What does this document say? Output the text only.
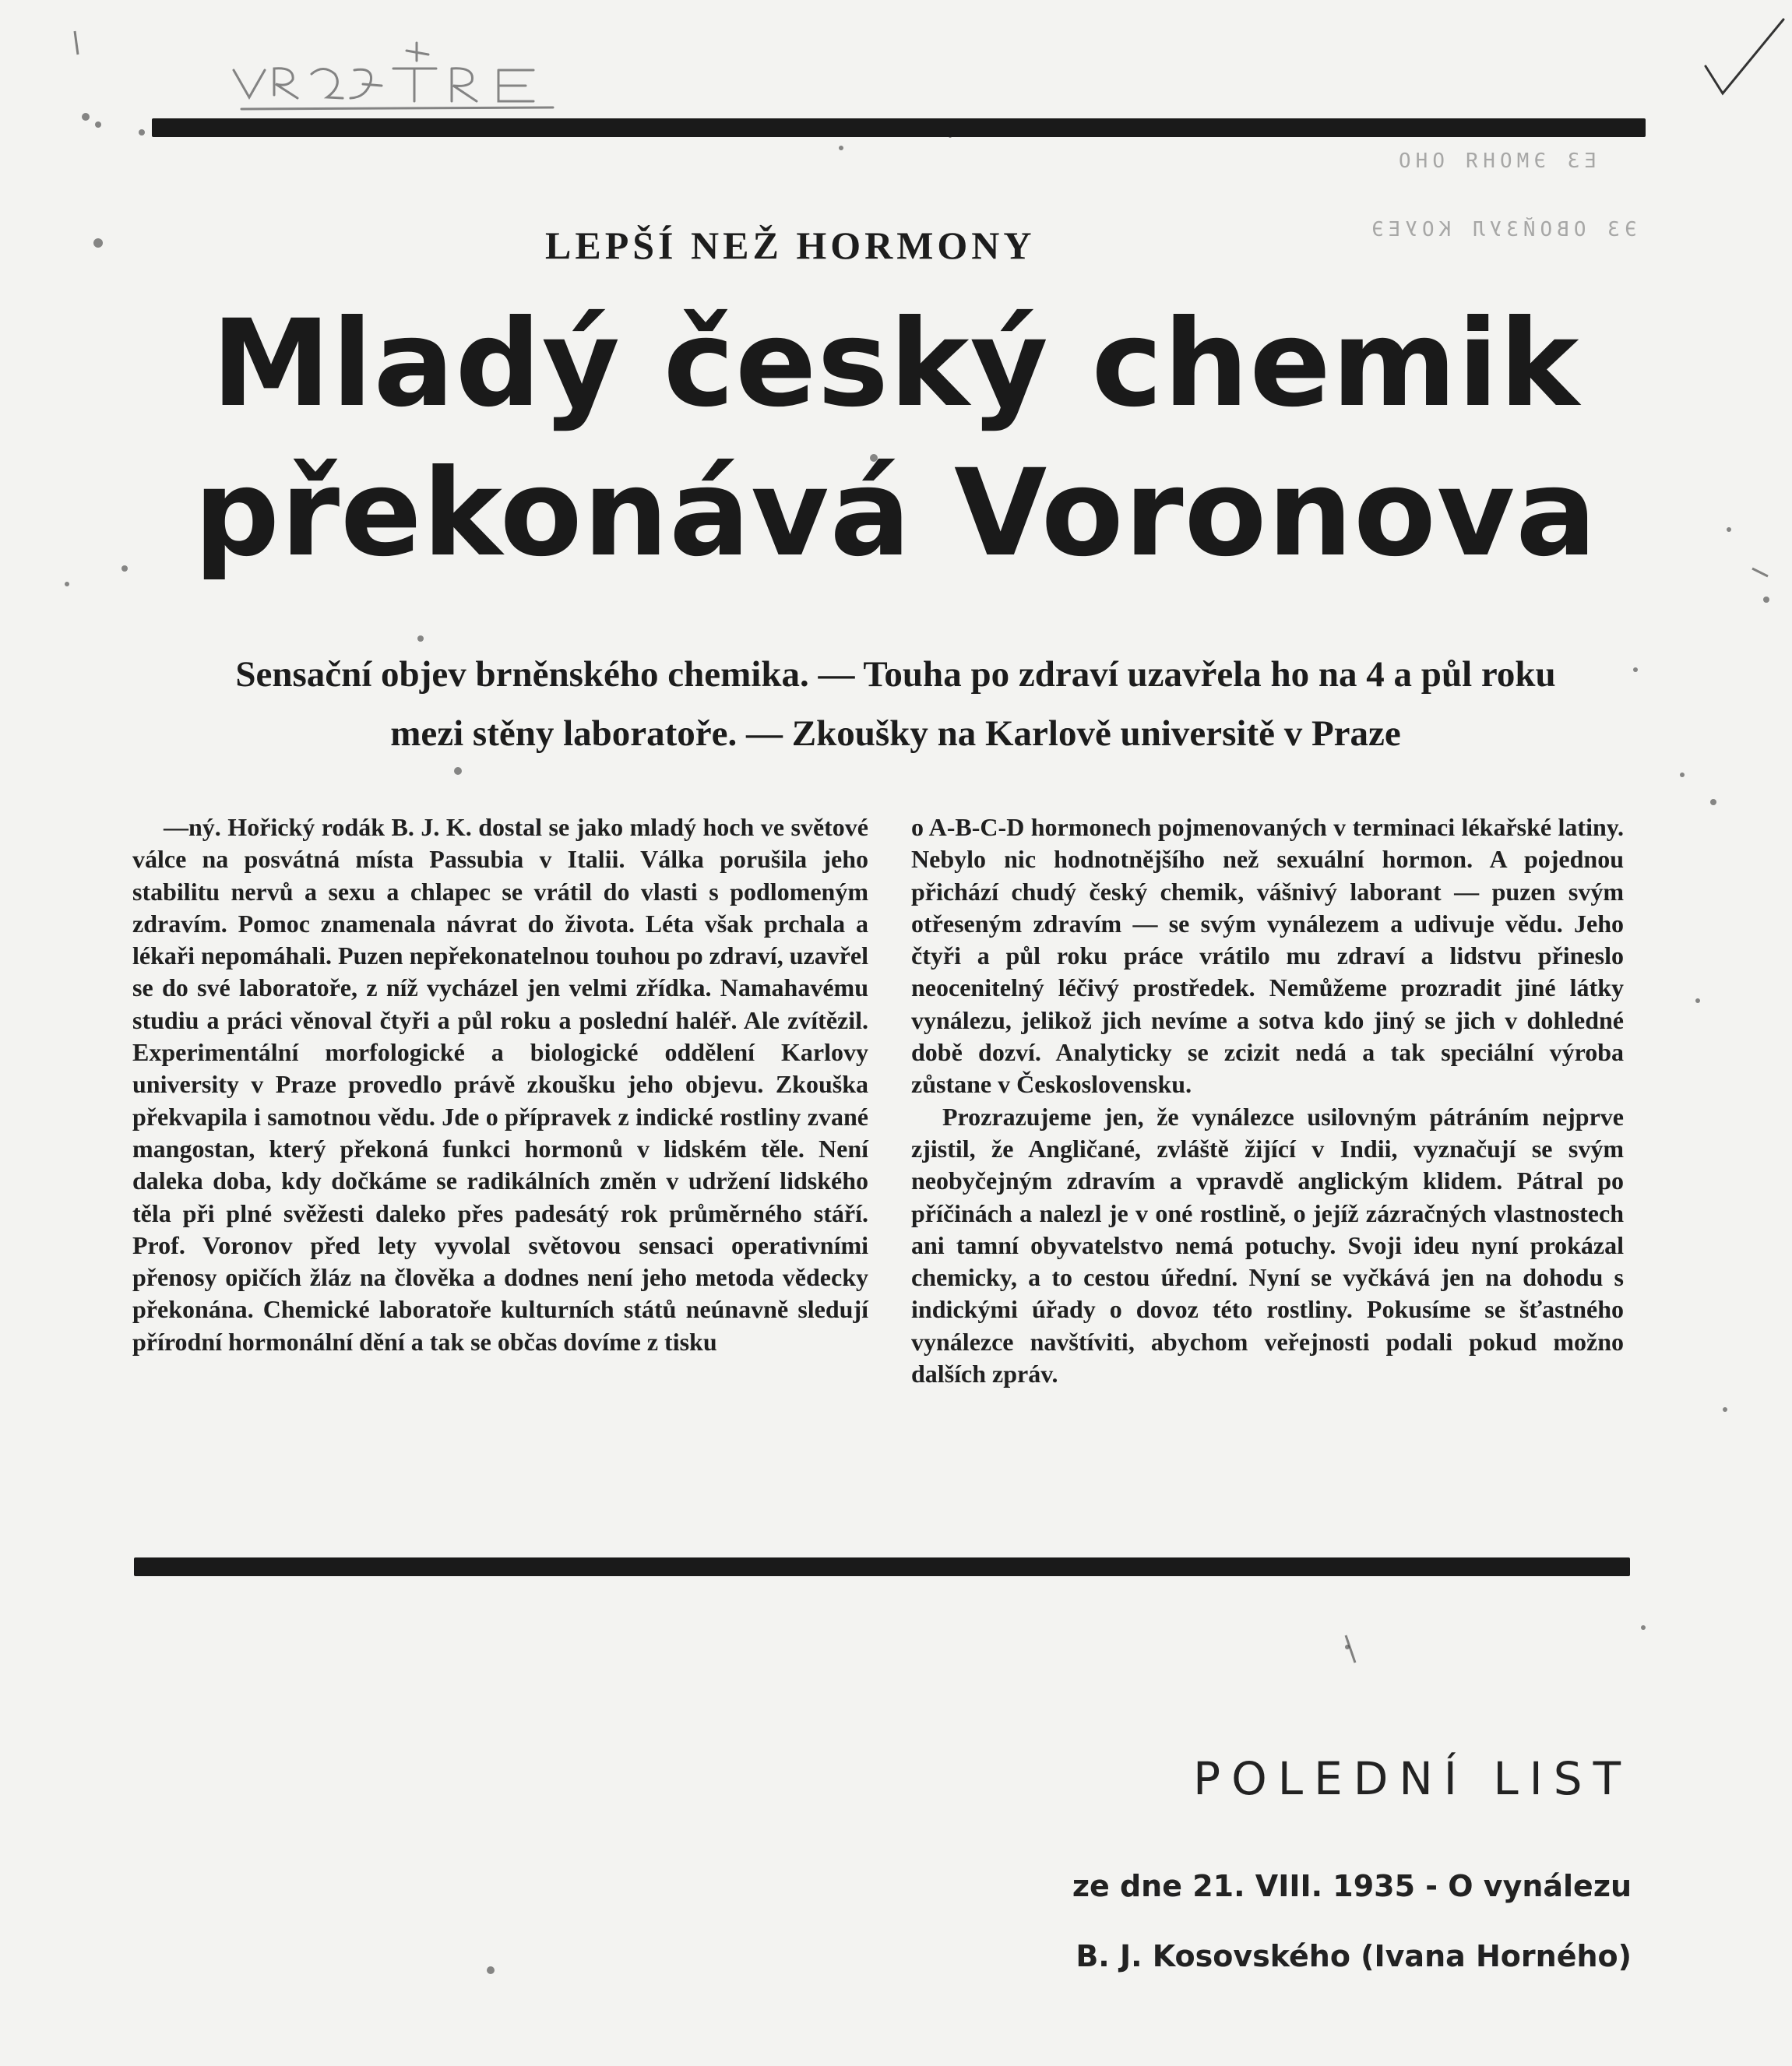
ЕЗ ЭМОНЯ ОНО
ЭЗ ОВОЙЗУЛ КОУЕЭ
LEPŠÍ NEŽ HORMONY
Mladý český chemik
překonává Voronova
Sensační objev brněnského chemika. — Touha po zdraví uzavřela ho na 4 a půl roku
mezi stěny laboratoře. — Zkoušky na Karlově universitě v Praze

—ný. Hořický rodák B. J. K. dostal se jako mladý hoch ve světové válce na posvátná místa Passubia v Italii. Válka porušila jeho stabilitu nervů a sexu a chlapec se vrátil do vlasti s podlomeným zdravím. Pomoc znamenala návrat do života. Léta však prchala a lékaři nepomáhali. Puzen nepřekonatelnou touhou po zdraví, uzavřel se do své laboratoře, z níž vycházel jen velmi zřídka. Namahavému studiu a práci věnoval čtyři a půl roku a poslední haléř. Ale zvítězil. Experimentální morfologické a biologické oddělení Karlovy university v Praze provedlo právě zkoušku jeho objevu. Zkouška překvapila i samotnou vědu. Jde o přípravek z indické rostliny zvané mangostan, který překoná funkci hormonů v lidském těle. Není daleka doba, kdy dočkáme se radikálních změn v udržení lidského těla při plné svěžesti daleko přes padesátý rok průměrného stáří. Prof. Voronov před lety vyvolal světovou sensaci operativními přenosy opičích žláz na člověka a dodnes není jeho metoda vědecky překonána. Chemické laboratoře kulturních států neúnavně sledují přírodní hormonální dění a tak se občas dovíme z tisku

o A-B-C-D hormonech pojmenovaných v terminaci lékařské latiny. Nebylo nic hodnotnějšího než sexuální hormon. A pojednou přichází chudý český chemik, vášnivý laborant — puzen svým otřeseným zdravím — se svým vynálezem a udivuje vědu. Jeho čtyři a půl roku práce vrátilo mu zdraví a lidstvu přineslo neocenitelný léčivý prostředek. Nemůžeme prozradit jiné látky vynálezu, jelikož jich nevíme a sotva kdo jiný se jich v dohledné době dozví. Analyticky se zcizit nedá a tak speciální výroba zůstane v Československu.

Prozrazujeme jen, že vynálezce usilovným pátráním nejprve zjistil, že Angličané, zvláště žijící v Indii, vyznačují se svým neobyčejným zdravím a vpravdě anglickým klidem. Pátral po příčinách a nalezl je v oné rostlině, o jejíž zázračných vlastnostech ani tamní obyvatelstvo nemá potuchy. Svoji ideu nyní prokázal chemicky, a to cestou úřední. Nyní se vyčkává jen na dohodu s indickými úřady o dovoz této rostliny. Pokusíme se šťastného vynálezce navštíviti, abychom veřejnosti podali pokud možno dalších zpráv.

POLEDNÍ LIST
ze dne 21. VIII. 1935 - O vynálezu
B. J. Kosovského (Ivana Horného)
